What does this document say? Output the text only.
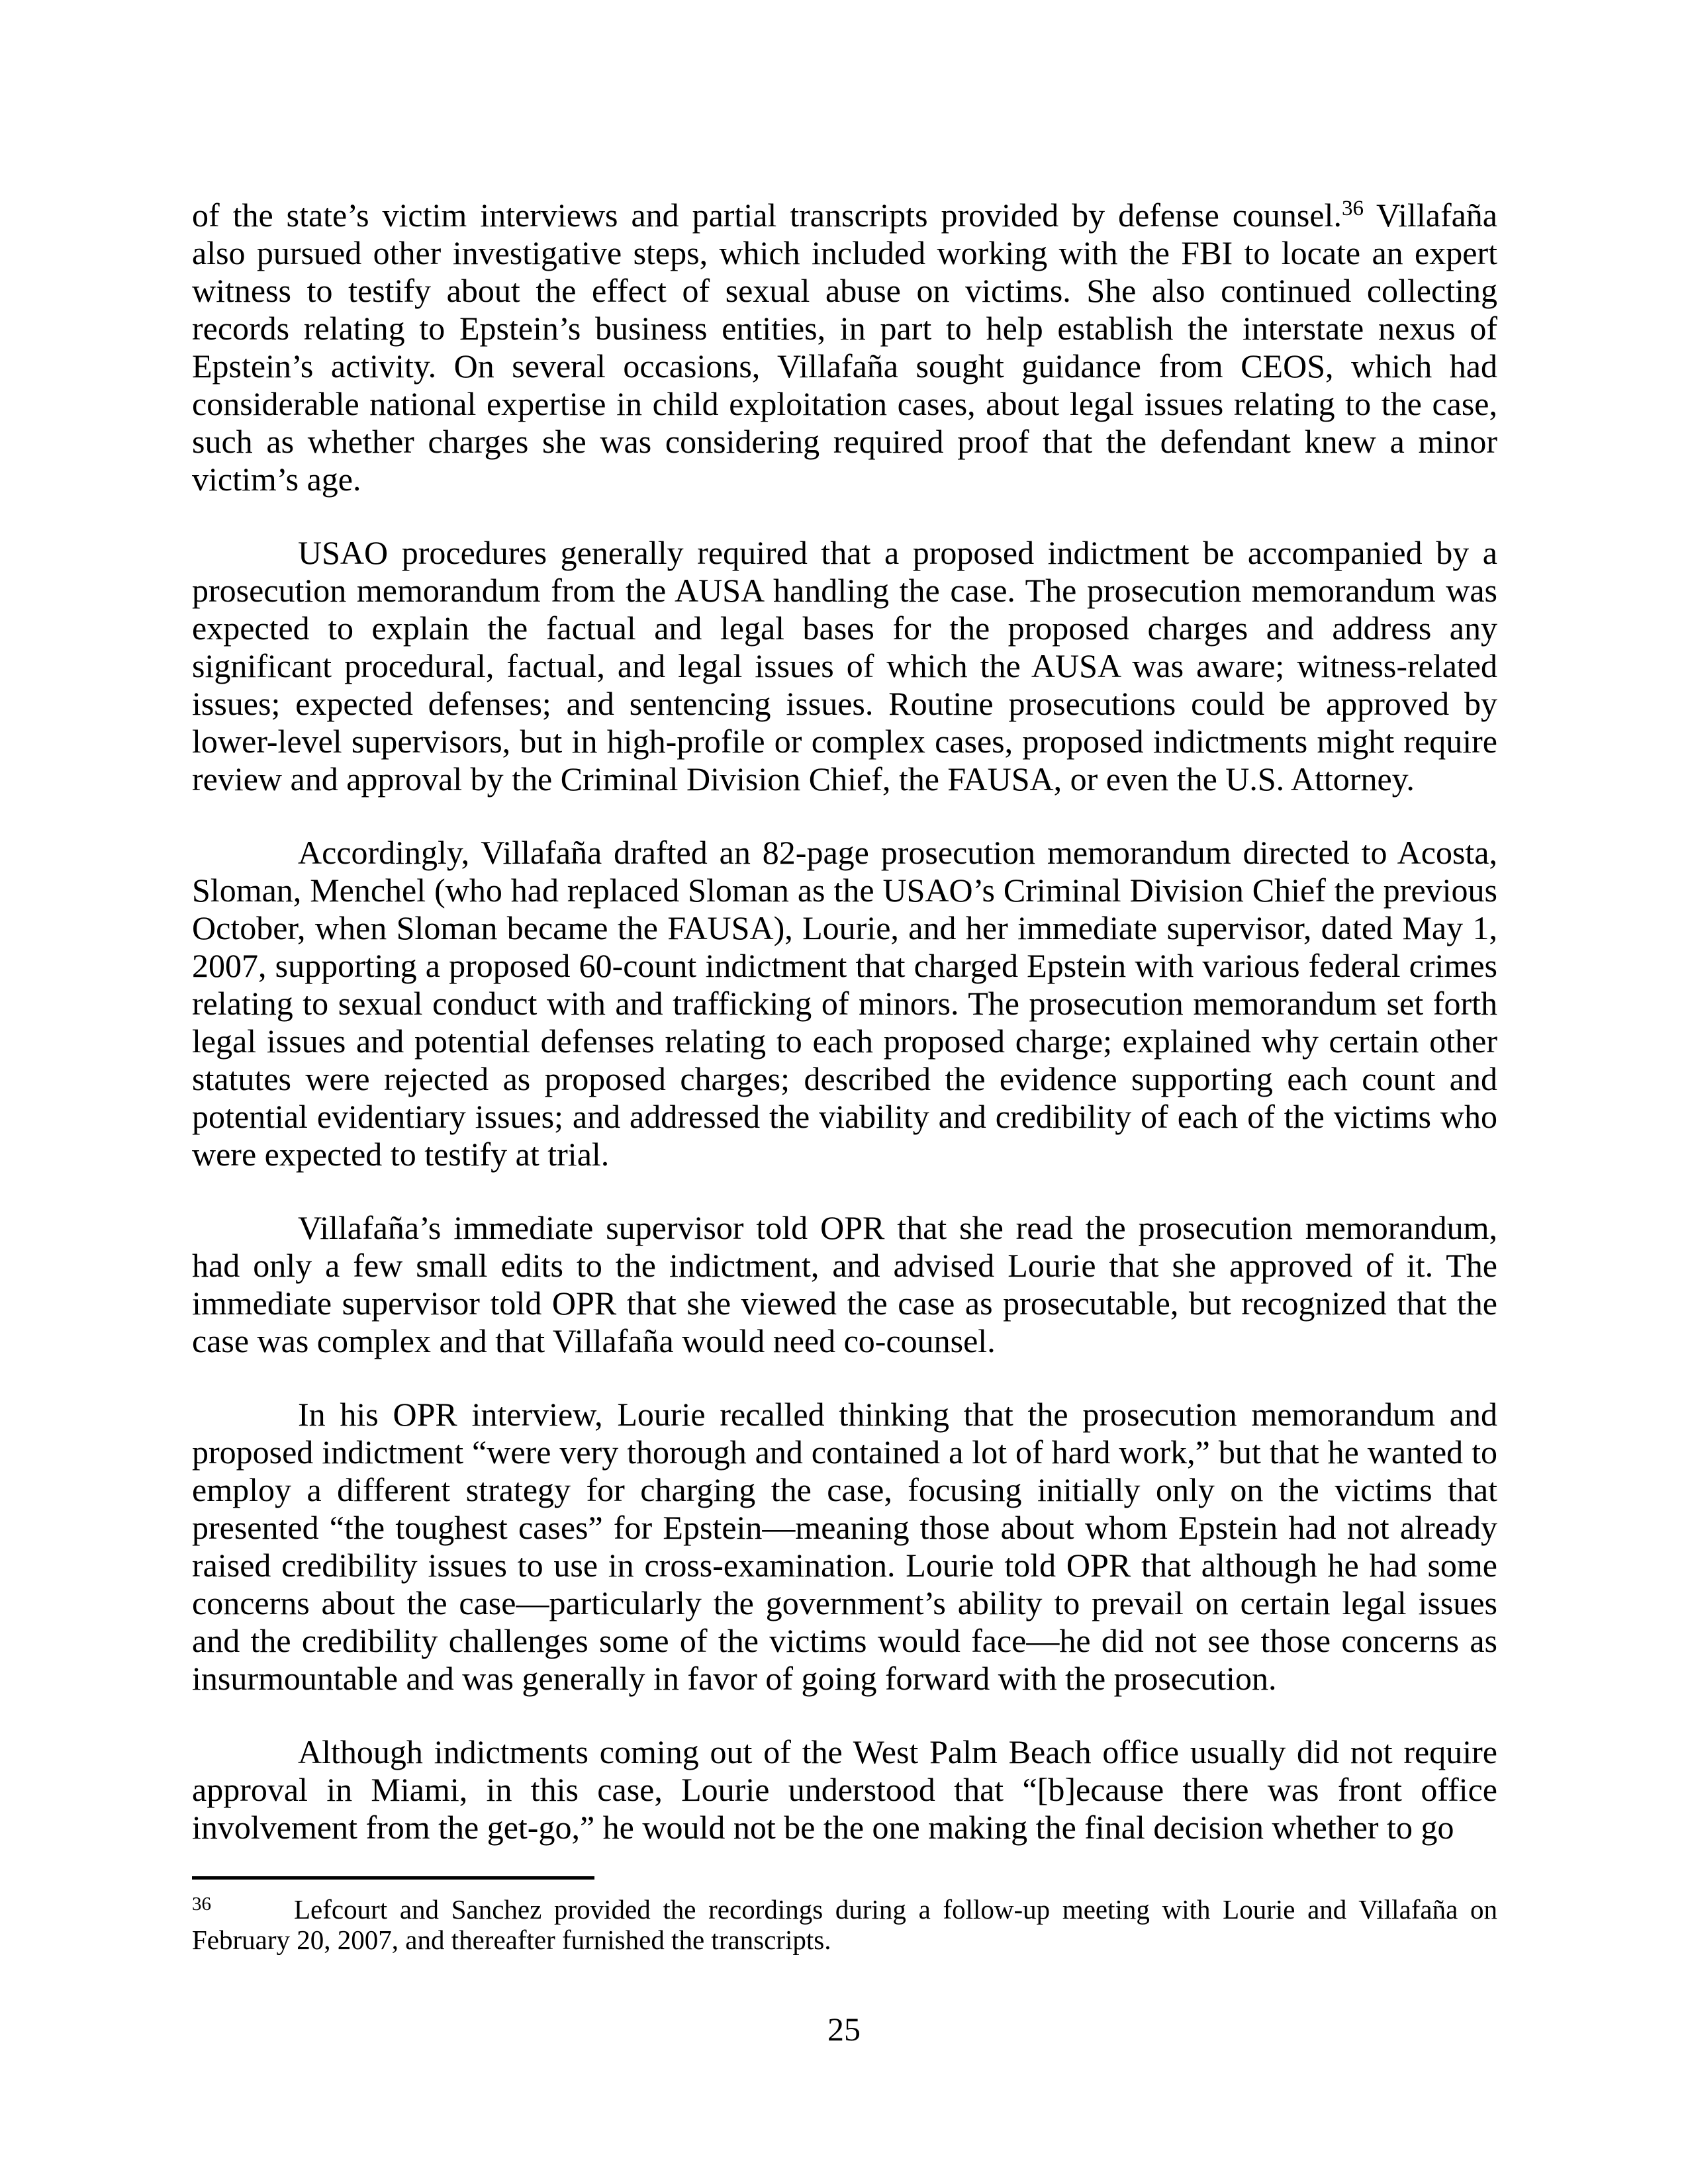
of the state’s victim interviews and partial transcripts provided by defense counsel.$^{36}$ Villafaña also pursued other investigative steps, which included working with the FBI to locate an expert witness to testify about the effect of sexual abuse on victims. She also continued collecting records relating to Epstein’s business entities, in part to help establish the interstate nexus of Epstein’s activity. On several occasions, Villafaña sought guidance from CEOS, which had considerable national expertise in child exploitation cases, about legal issues relating to the case, such as whether charges she was considering required proof that the defendant knew a minor victim’s age.

USAO procedures generally required that a proposed indictment be accompanied by a prosecution memorandum from the AUSA handling the case. The prosecution memorandum was expected to explain the factual and legal bases for the proposed charges and address any significant procedural, factual, and legal issues of which the AUSA was aware; witness-related issues; expected defenses; and sentencing issues. Routine prosecutions could be approved by lower-level supervisors, but in high-profile or complex cases, proposed indictments might require review and approval by the Criminal Division Chief, the FAUSA, or even the U.S. Attorney.

Accordingly, Villafaña drafted an 82-page prosecution memorandum directed to Acosta, Sloman, Menchel (who had replaced Sloman as the USAO’s Criminal Division Chief the previous October, when Sloman became the FAUSA), Lourie, and her immediate supervisor, dated May 1, 2007, supporting a proposed 60-count indictment that charged Epstein with various federal crimes relating to sexual conduct with and trafficking of minors. The prosecution memorandum set forth legal issues and potential defenses relating to each proposed charge; explained why certain other statutes were rejected as proposed charges; described the evidence supporting each count and potential evidentiary issues; and addressed the viability and credibility of each of the victims who were expected to testify at trial.

Villafaña’s immediate supervisor told OPR that she read the prosecution memorandum, had only a few small edits to the indictment, and advised Lourie that she approved of it. The immediate supervisor told OPR that she viewed the case as prosecutable, but recognized that the case was complex and that Villafaña would need co-counsel.

In his OPR interview, Lourie recalled thinking that the prosecution memorandum and proposed indictment “were very thorough and contained a lot of hard work,” but that he wanted to employ a different strategy for charging the case, focusing initially only on the victims that presented “the toughest cases” for Epstein—meaning those about whom Epstein had not already raised credibility issues to use in cross-examination. Lourie told OPR that although he had some concerns about the case—particularly the government’s ability to prevail on certain legal issues and the credibility challenges some of the victims would face—he did not see those concerns as insurmountable and was generally in favor of going forward with the prosecution.

Although indictments coming out of the West Palm Beach office usually did not require approval in Miami, in this case, Lourie understood that “[b]ecause there was front office involvement from the get-go,” he would not be the one making the final decision whether to go

$^{36}$	Lefcourt and Sanchez provided the recordings during a follow-up meeting with Lourie and Villafaña on February 20, 2007, and thereafter furnished the transcripts.
25
